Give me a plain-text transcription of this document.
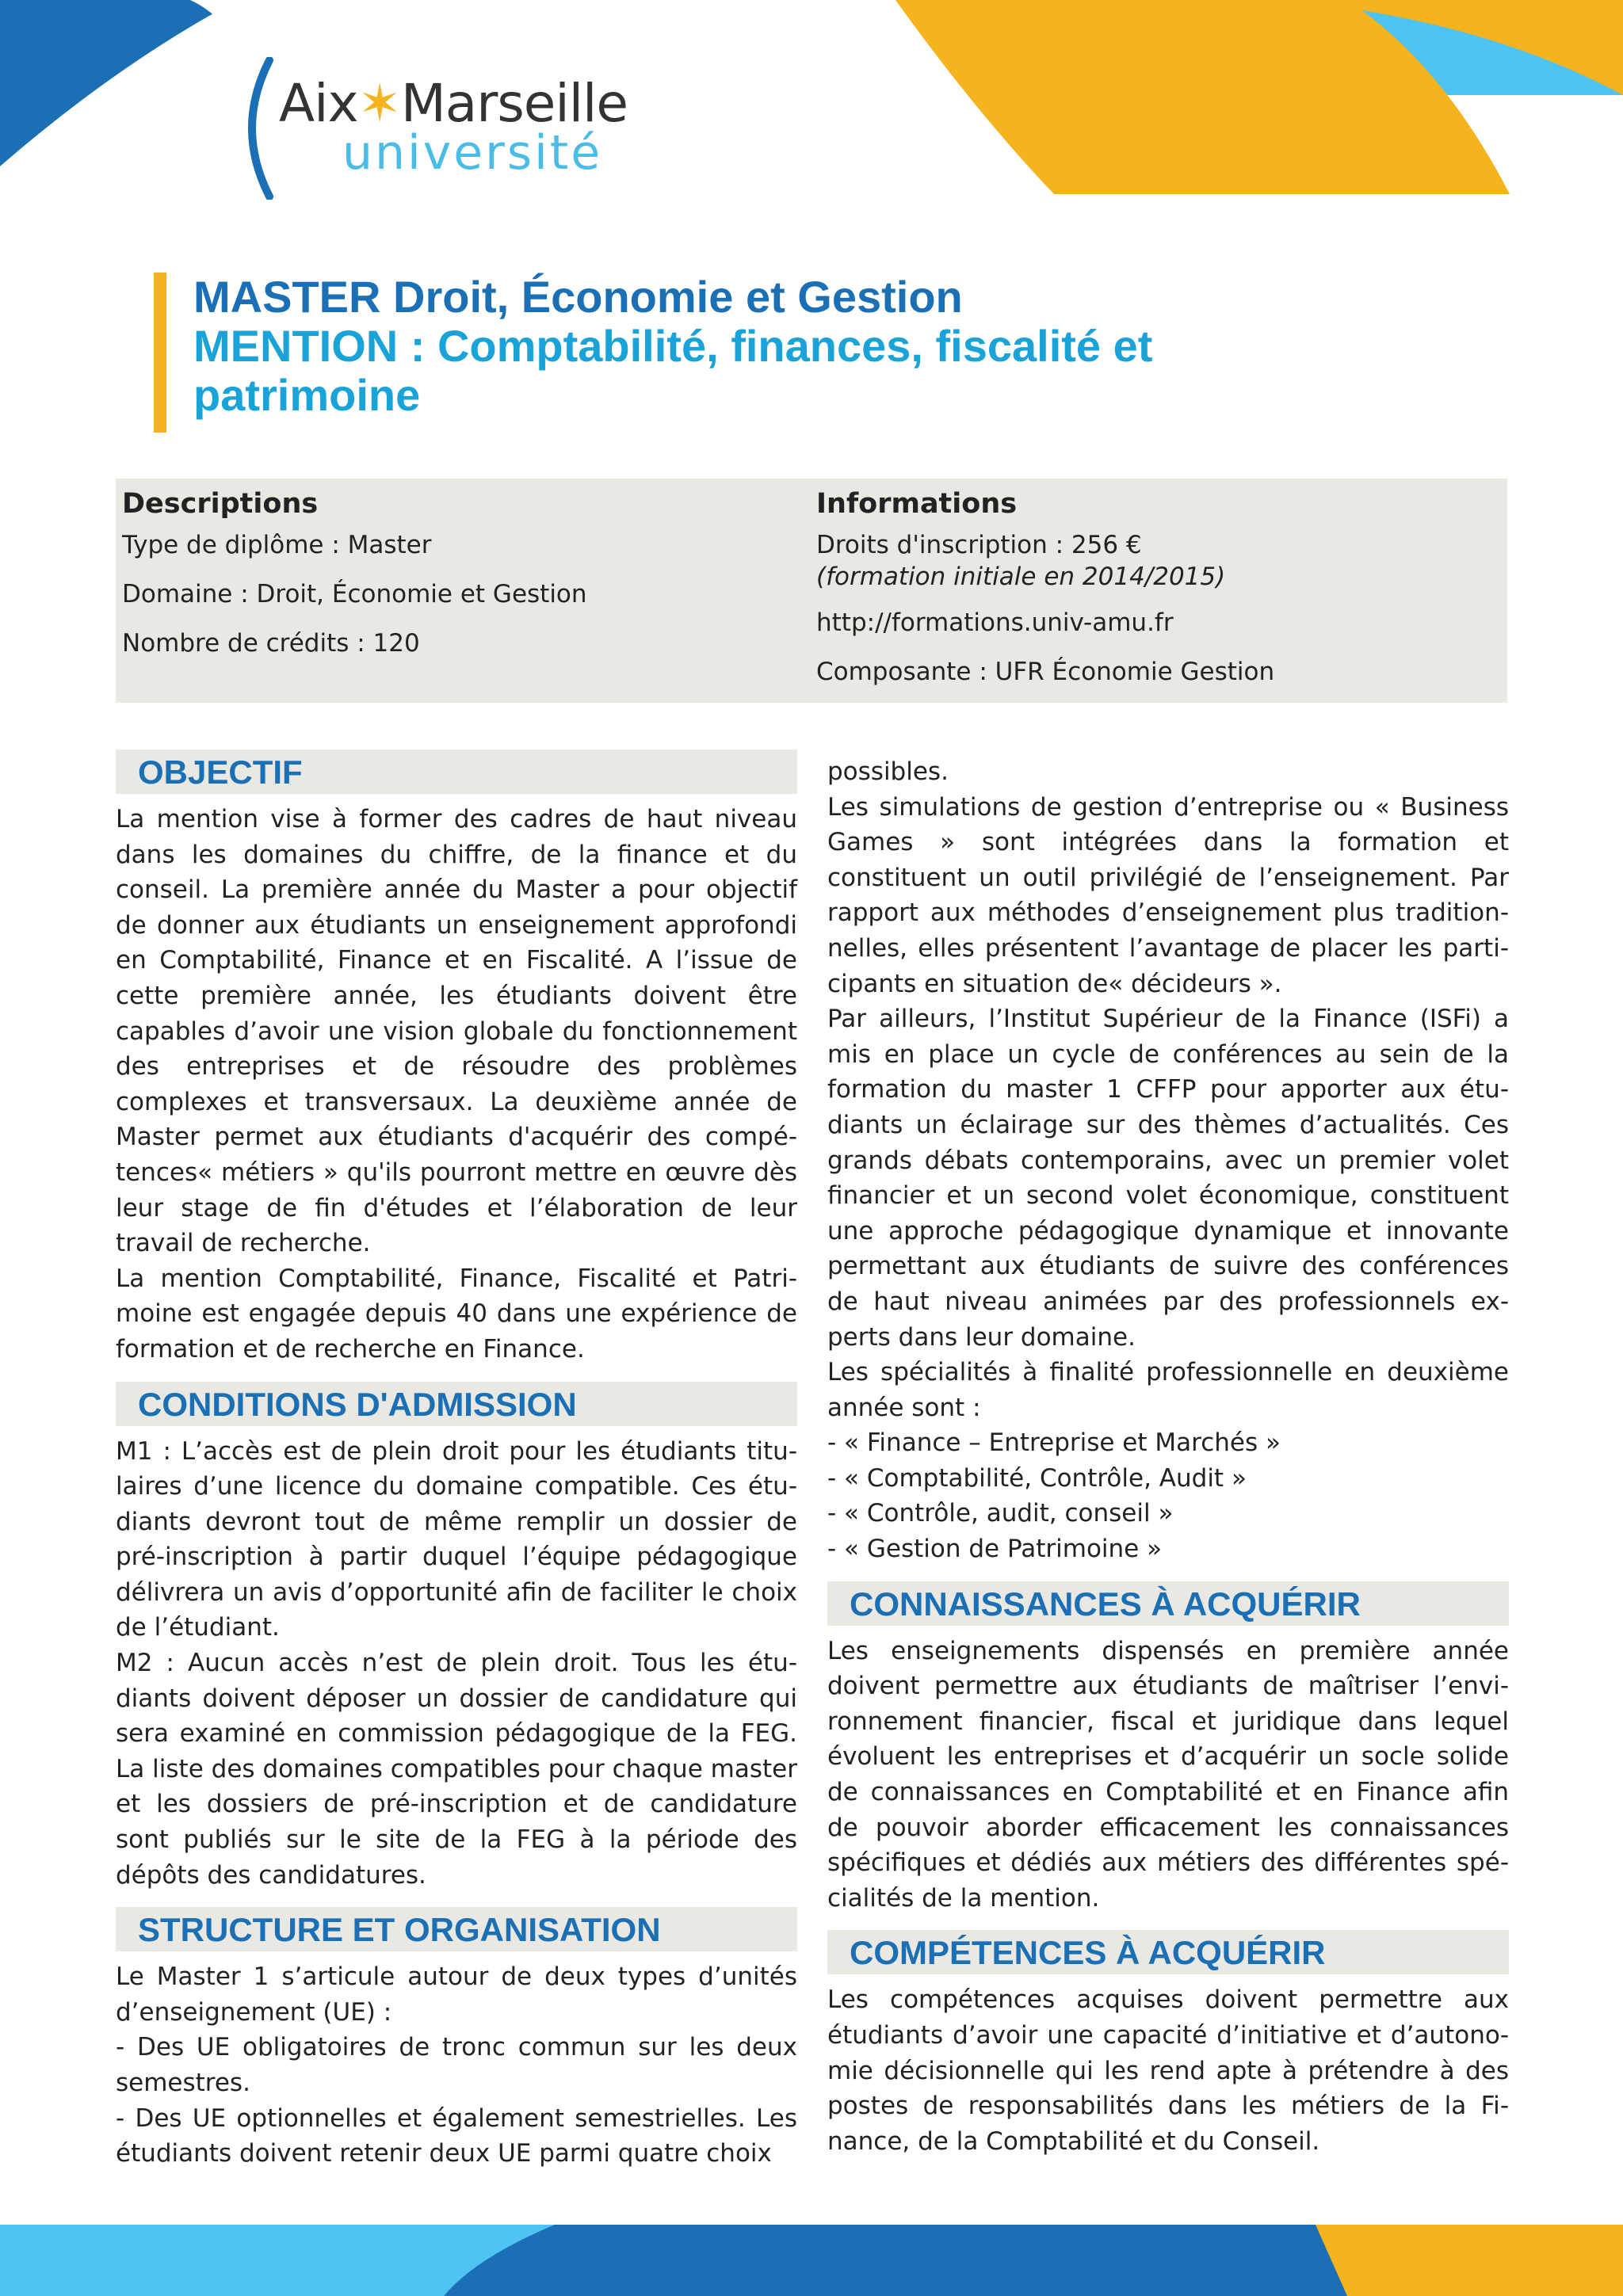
Aix✶Marseille
université
MASTER Droit, Économie et Gestion
MENTION : Comptabilité, finances, fiscalité et patrimoine
Descriptions
Type de diplôme : Master
Domaine : Droit, Économie et Gestion
Nombre de crédits : 120
Informations
Droits d'inscription : 256 €
(formation initiale en 2014/2015)
http://formations.univ-amu.fr
Composante : UFR Économie Gestion
OBJECTIF

La mention vise à former des cadres de haut niveau dans les domaines du chiffre, de la finance et du conseil. La première année du Master a pour objectif de donner aux étudiants un enseignement approfondi en Comptabilité, Finance et en Fiscalité. A l’issue de cette première année, les étudiants doivent être capables d’avoir une vision globale du fonctionnement des entreprises et de résoudre des problèmes complexes et transversaux. La deuxième année de Master permet aux étudiants d'acquérir des compétences« métiers » qu'ils pourront mettre en œuvre dès leur stage de fin d'études et l’élaboration de leur travail de recherche.

La mention Comptabilité, Finance, Fiscalité et Patrimoine est engagée depuis 40 dans une expérience de formation et de recherche en Finance.

CONDITIONS D'ADMISSION

M1 : L’accès est de plein droit pour les étudiants titulaires d’une licence du domaine compatible. Ces étudiants devront tout de même remplir un dossier de pré-inscription à partir duquel l’équipe pédagogique délivrera un avis d’opportunité afin de faciliter le choix de l’étudiant.

M2 : Aucun accès n’est de plein droit. Tous les étudiants doivent déposer un dossier de candidature qui sera examiné en commission pédagogique de la FEG. La liste des domaines compatibles pour chaque master et les dossiers de pré-inscription et de candidature sont publiés sur le site de la FEG à la période des dépôts des candidatures.

STRUCTURE ET ORGANISATION

Le Master 1 s’articule autour de deux types d’unités d’enseignement (UE) :

- Des UE obligatoires de tronc commun sur les deux semestres.

- Des UE optionnelles et également semestrielles. Les étudiants doivent retenir deux UE parmi quatre choix

possibles.

Les simulations de gestion d’entreprise ou « Business Games » sont intégrées dans la formation et constituent un outil privilégié de l’enseignement. Par rapport aux méthodes d’enseignement plus traditionnelles, elles présentent l’avantage de placer les participants en situation de« décideurs ».

Par ailleurs, l’Institut Supérieur de la Finance (ISFi) a mis en place un cycle de conférences au sein de la formation du master 1 CFFP pour apporter aux étudiants un éclairage sur des thèmes d’actualités. Ces grands débats contemporains, avec un premier volet financier et un second volet économique, constituent une approche pédagogique dynamique et innovante permettant aux étudiants de suivre des conférences de haut niveau animées par des professionnels experts dans leur domaine.

Les spécialités à finalité professionnelle en deuxième année sont :

- « Finance – Entreprise et Marchés »

- « Comptabilité, Contrôle, Audit »

- « Contrôle, audit, conseil »

- « Gestion de Patrimoine »

CONNAISSANCES À ACQUÉRIR

Les enseignements dispensés en première année doivent permettre aux étudiants de maîtriser l’environnement financier, fiscal et juridique dans lequel évoluent les entreprises et d’acquérir un socle solide de connaissances en Comptabilité et en Finance afin de pouvoir aborder efficacement les connaissances spécifiques et dédiés aux métiers des différentes spécialités de la mention.

COMPÉTENCES À ACQUÉRIR

Les compétences acquises doivent permettre aux étudiants d’avoir une capacité d’initiative et d’autonomie décisionnelle qui les rend apte à prétendre à des postes de responsabilités dans les métiers de la Finance, de la Comptabilité et du Conseil.
